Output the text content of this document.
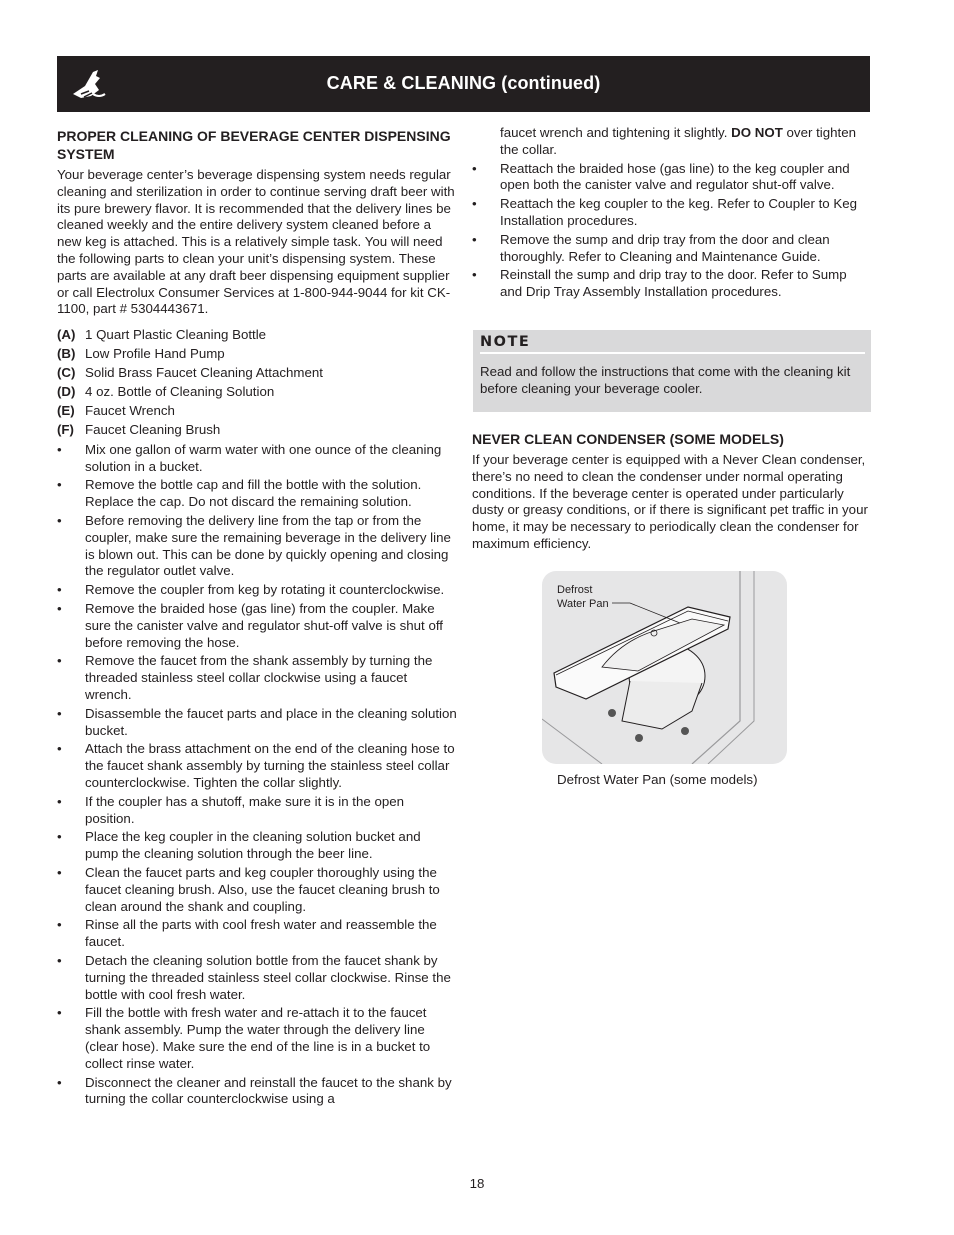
CARE & CLEANING (continued)
PROPER CLEANING OF BEVERAGE CENTER DISPENSING SYSTEM

Your beverage center’s beverage dispensing system needs regular cleaning and sterilization in order to continue serving draft beer with its pure brewery flavor. It is recommended that the delivery lines be cleaned weekly and the entire delivery system cleaned before a new keg is attached. This is a relatively simple task. You will need the following parts to clean your unit’s dispensing system. These parts are available at any draft beer dispensing equipment supplier or call Electrolux Consumer Services at 1-800-944-9044 for kit CK-1100, part # 5304443671.

(A) 1 Quart Plastic Cleaning Bottle
(B) Low Profile Hand Pump
(C) Solid Brass Faucet Cleaning Attachment
(D) 4 oz. Bottle of Cleaning Solution
(E) Faucet Wrench
(F) Faucet Cleaning Brush
• Mix one gallon of warm water with one ounce of the cleaning solution in a bucket.
• Remove the bottle cap and fill the bottle with the solution. Replace the cap. Do not discard the remaining solution.
• Before removing the delivery line from the tap or from the coupler, make sure the remaining beverage in the delivery line is blown out. This can be done by quickly opening and closing the regulator outlet valve.
• Remove the coupler from keg by rotating it counterclockwise.
• Remove the braided hose (gas line) from the coupler. Make sure the canister valve and regulator shut-off valve is shut off before removing the hose.
• Remove the faucet from the shank assembly by turning the threaded stainless steel collar clockwise using a faucet wrench.
• Disassemble the faucet parts and place in the cleaning solution bucket.
• Attach the brass attachment on the end of the cleaning hose to the faucet shank assembly by turning the stainless steel collar counterclockwise. Tighten the collar slightly.
• If the coupler has a shutoff, make sure it is in the open position.
• Place the keg coupler in the cleaning solution bucket and pump the cleaning solution through the beer line.
• Clean the faucet parts and keg coupler thoroughly using the faucet cleaning brush. Also, use the faucet cleaning brush to clean around the shank and coupling.
• Rinse all the parts with cool fresh water and reassemble the faucet.
• Detach the cleaning solution bottle from the faucet shank by turning the threaded stainless steel collar clockwise. Rinse the bottle with cool fresh water.
• Fill the bottle with fresh water and re-attach it to the faucet shank assembly. Pump the water through the delivery line (clear hose). Make sure the end of the line is in a bucket to collect rinse water.
• Disconnect the cleaner and reinstall the faucet to the shank by turning the collar counterclockwise using a
faucet wrench and tightening it slightly. DO NOT over tighten the collar.
• Reattach the braided hose (gas line) to the keg coupler and open both the canister valve and regulator shut-off valve.
• Reattach the keg coupler to the keg. Refer to Coupler to Keg Installation procedures.
• Remove the sump and drip tray from the door and clean thoroughly. Refer to Cleaning and Maintenance Guide.
• Reinstall the sump and drip tray to the door. Refer to Sump and Drip Tray Assembly Installation procedures.
NOTE
Read and follow the instructions that come with the cleaning kit before cleaning your beverage cooler.
NEVER CLEAN CONDENSER (SOME MODELS)

If your beverage center is equipped with a Never Clean condenser, there’s no need to clean the condenser under normal operating conditions. If the beverage center is operated under particularly dusty or greasy conditions, or if there is significant pet traffic in your home, it may be necessary to periodically clean the condenser for maximum efficiency.

Defrost
Water Pan
Defrost Water Pan (some models)
18
